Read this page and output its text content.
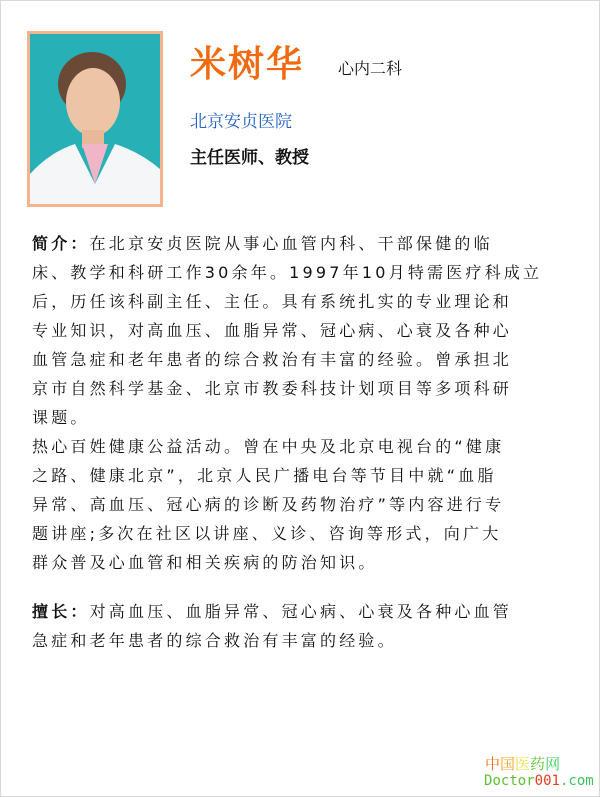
米树华 心内二科
北京安贞医院
主任医师、教授
简介：在北京安贞医院从事心血管内科、干部保健的临
床、教学和科研工作30余年。1997年10月特需医疗科成立
后，历任该科副主任、主任。具有系统扎实的专业理论和
专业知识，对高血压、血脂异常、冠心病、心衰及各种心
血管急症和老年患者的综合救治有丰富的经验。曾承担北
京市自然科学基金、北京市教委科技计划项目等多项科研
课题。
热心百姓健康公益活动。曾在中央及北京电视台的“健康
之路、健康北京”，北京人民广播电台等节目中就“血脂
异常、高血压、冠心病的诊断及药物治疗”等内容进行专
题讲座;多次在社区以讲座、义诊、咨询等形式，向广大
群众普及心血管和相关疾病的防治知识。
擅长：对高血压、血脂异常、冠心病、心衰及各种心血管
急症和老年患者的综合救治有丰富的经验。
中国医药网
Doctor001.com
